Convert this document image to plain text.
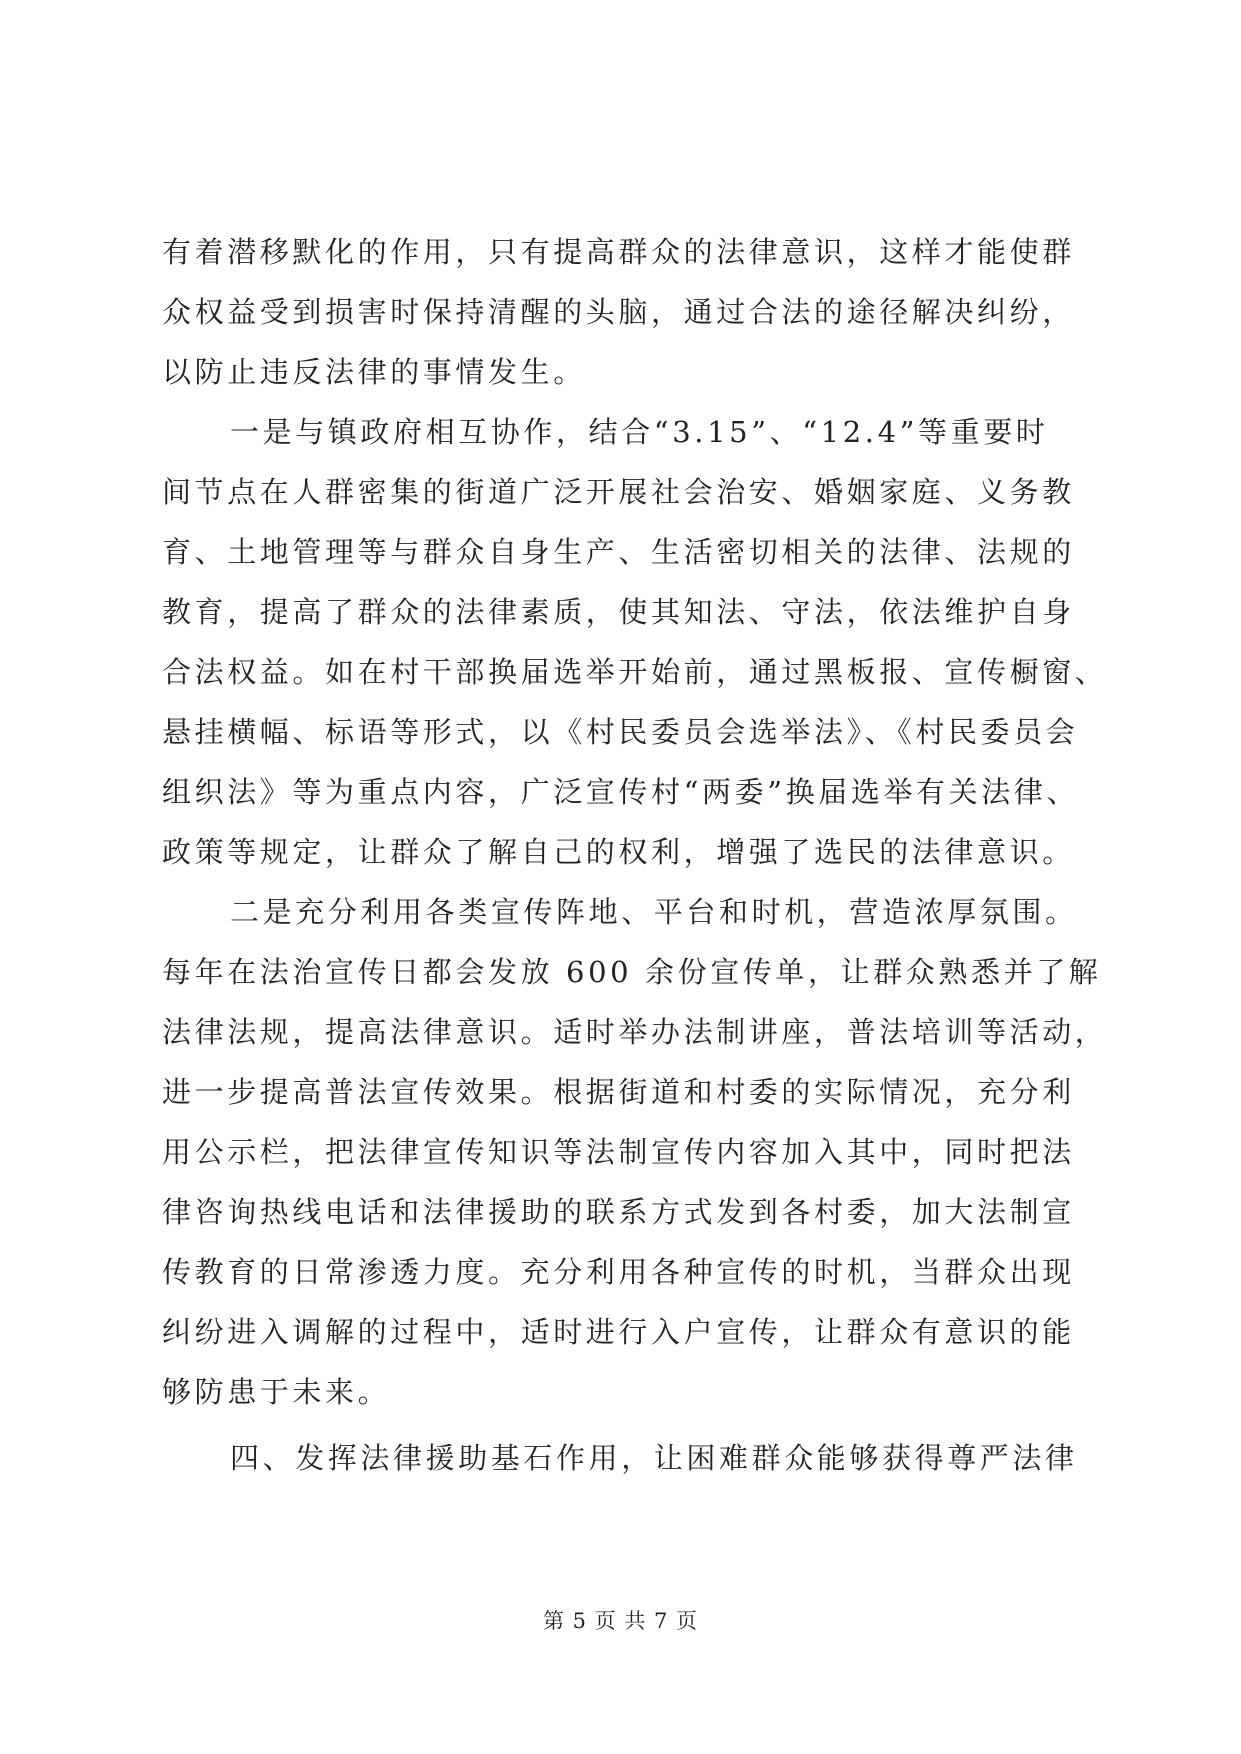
有着潜移默化的作用，只有提高群众的法律意识，这样才能使群
众权益受到损害时保持清醒的头脑，通过合法的途径解决纠纷，
以防止违反法律的事情发生。
一是与镇政府相互协作，结合“3.15”、“12.4”等重要时
间节点在人群密集的街道广泛开展社会治安、婚姻家庭、义务教
育、土地管理等与群众自身生产、生活密切相关的法律、法规的
教育，提高了群众的法律素质，使其知法、守法，依法维护自身
合法权益。如在村干部换届选举开始前，通过黑板报、宣传橱窗、
悬挂横幅、标语等形式，以《村民委员会选举法》、《村民委员会
组织法》等为重点内容，广泛宣传村“两委”换届选举有关法律、
政策等规定，让群众了解自己的权利，增强了选民的法律意识。
二是充分利用各类宣传阵地、平台和时机，营造浓厚氛围。
每年在法治宣传日都会发放 600 余份宣传单，让群众熟悉并了解
法律法规，提高法律意识。适时举办法制讲座，普法培训等活动，
进一步提高普法宣传效果。根据街道和村委的实际情况，充分利
用公示栏，把法律宣传知识等法制宣传内容加入其中，同时把法
律咨询热线电话和法律援助的联系方式发到各村委，加大法制宣
传教育的日常渗透力度。充分利用各种宣传的时机，当群众出现
纠纷进入调解的过程中，适时进行入户宣传，让群众有意识的能
够防患于未来。
四、发挥法律援助基石作用，让困难群众能够获得尊严法律
第 5 页 共 7 页
